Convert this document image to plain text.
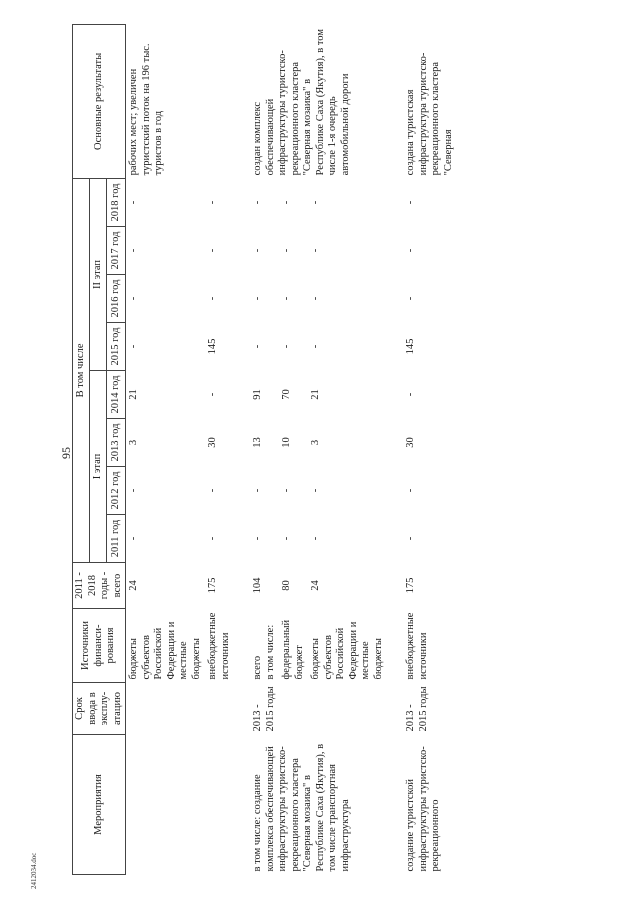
95
2412034.doc
Мероприятия	Срок ввода в эксплу- атацию	Источники финанси- рования	2011 - 2018 годы - всего	В том числе								Основные результаты
				I этап				II этап				
				2011 год	2012 год	2013 год	2014 год	2015 год	2016 год	2017 год	2018 год	
		бюджеты субъектов Российской Федерации и местные бюджеты	24	-	-	3	21	-	-	-	-	рабочих мест; увеличен туристский поток на 196 тыс. туристов в год
		внебюджетные источники	175	-	-	30	-	145	-	-	-	

в том числе: создание комплекса обеспечивающей инфраструктуры туристско-рекреационного кластера "Северная мозаика" в Республике Саха (Якутия), в том числе транспортная инфраструктура	2013 - 2015 годы	всего в том числе:	104	-	-	13	91	-	-	-	-	создан комплекс обеспечивающей инфраструктуры туристско-рекреационного кластера "Северная мозаика" в Республике Саха (Якутия), в том числе 1-я очередь автомобильной дороги
		федеральный бюджет	80	-	-	10	70	-	-	-	-	
		бюджеты субъектов Российской Федерации и местные бюджеты	24	-	-	3	21	-	-	-	-	

создание туристской инфраструктуры туристско-рекреационного	2013 - 2015 годы	внебюджетные источники	175	-	-	30	-	145	-	-	-	создана туристская инфраструктура туристско-рекреационного кластера "Северная
